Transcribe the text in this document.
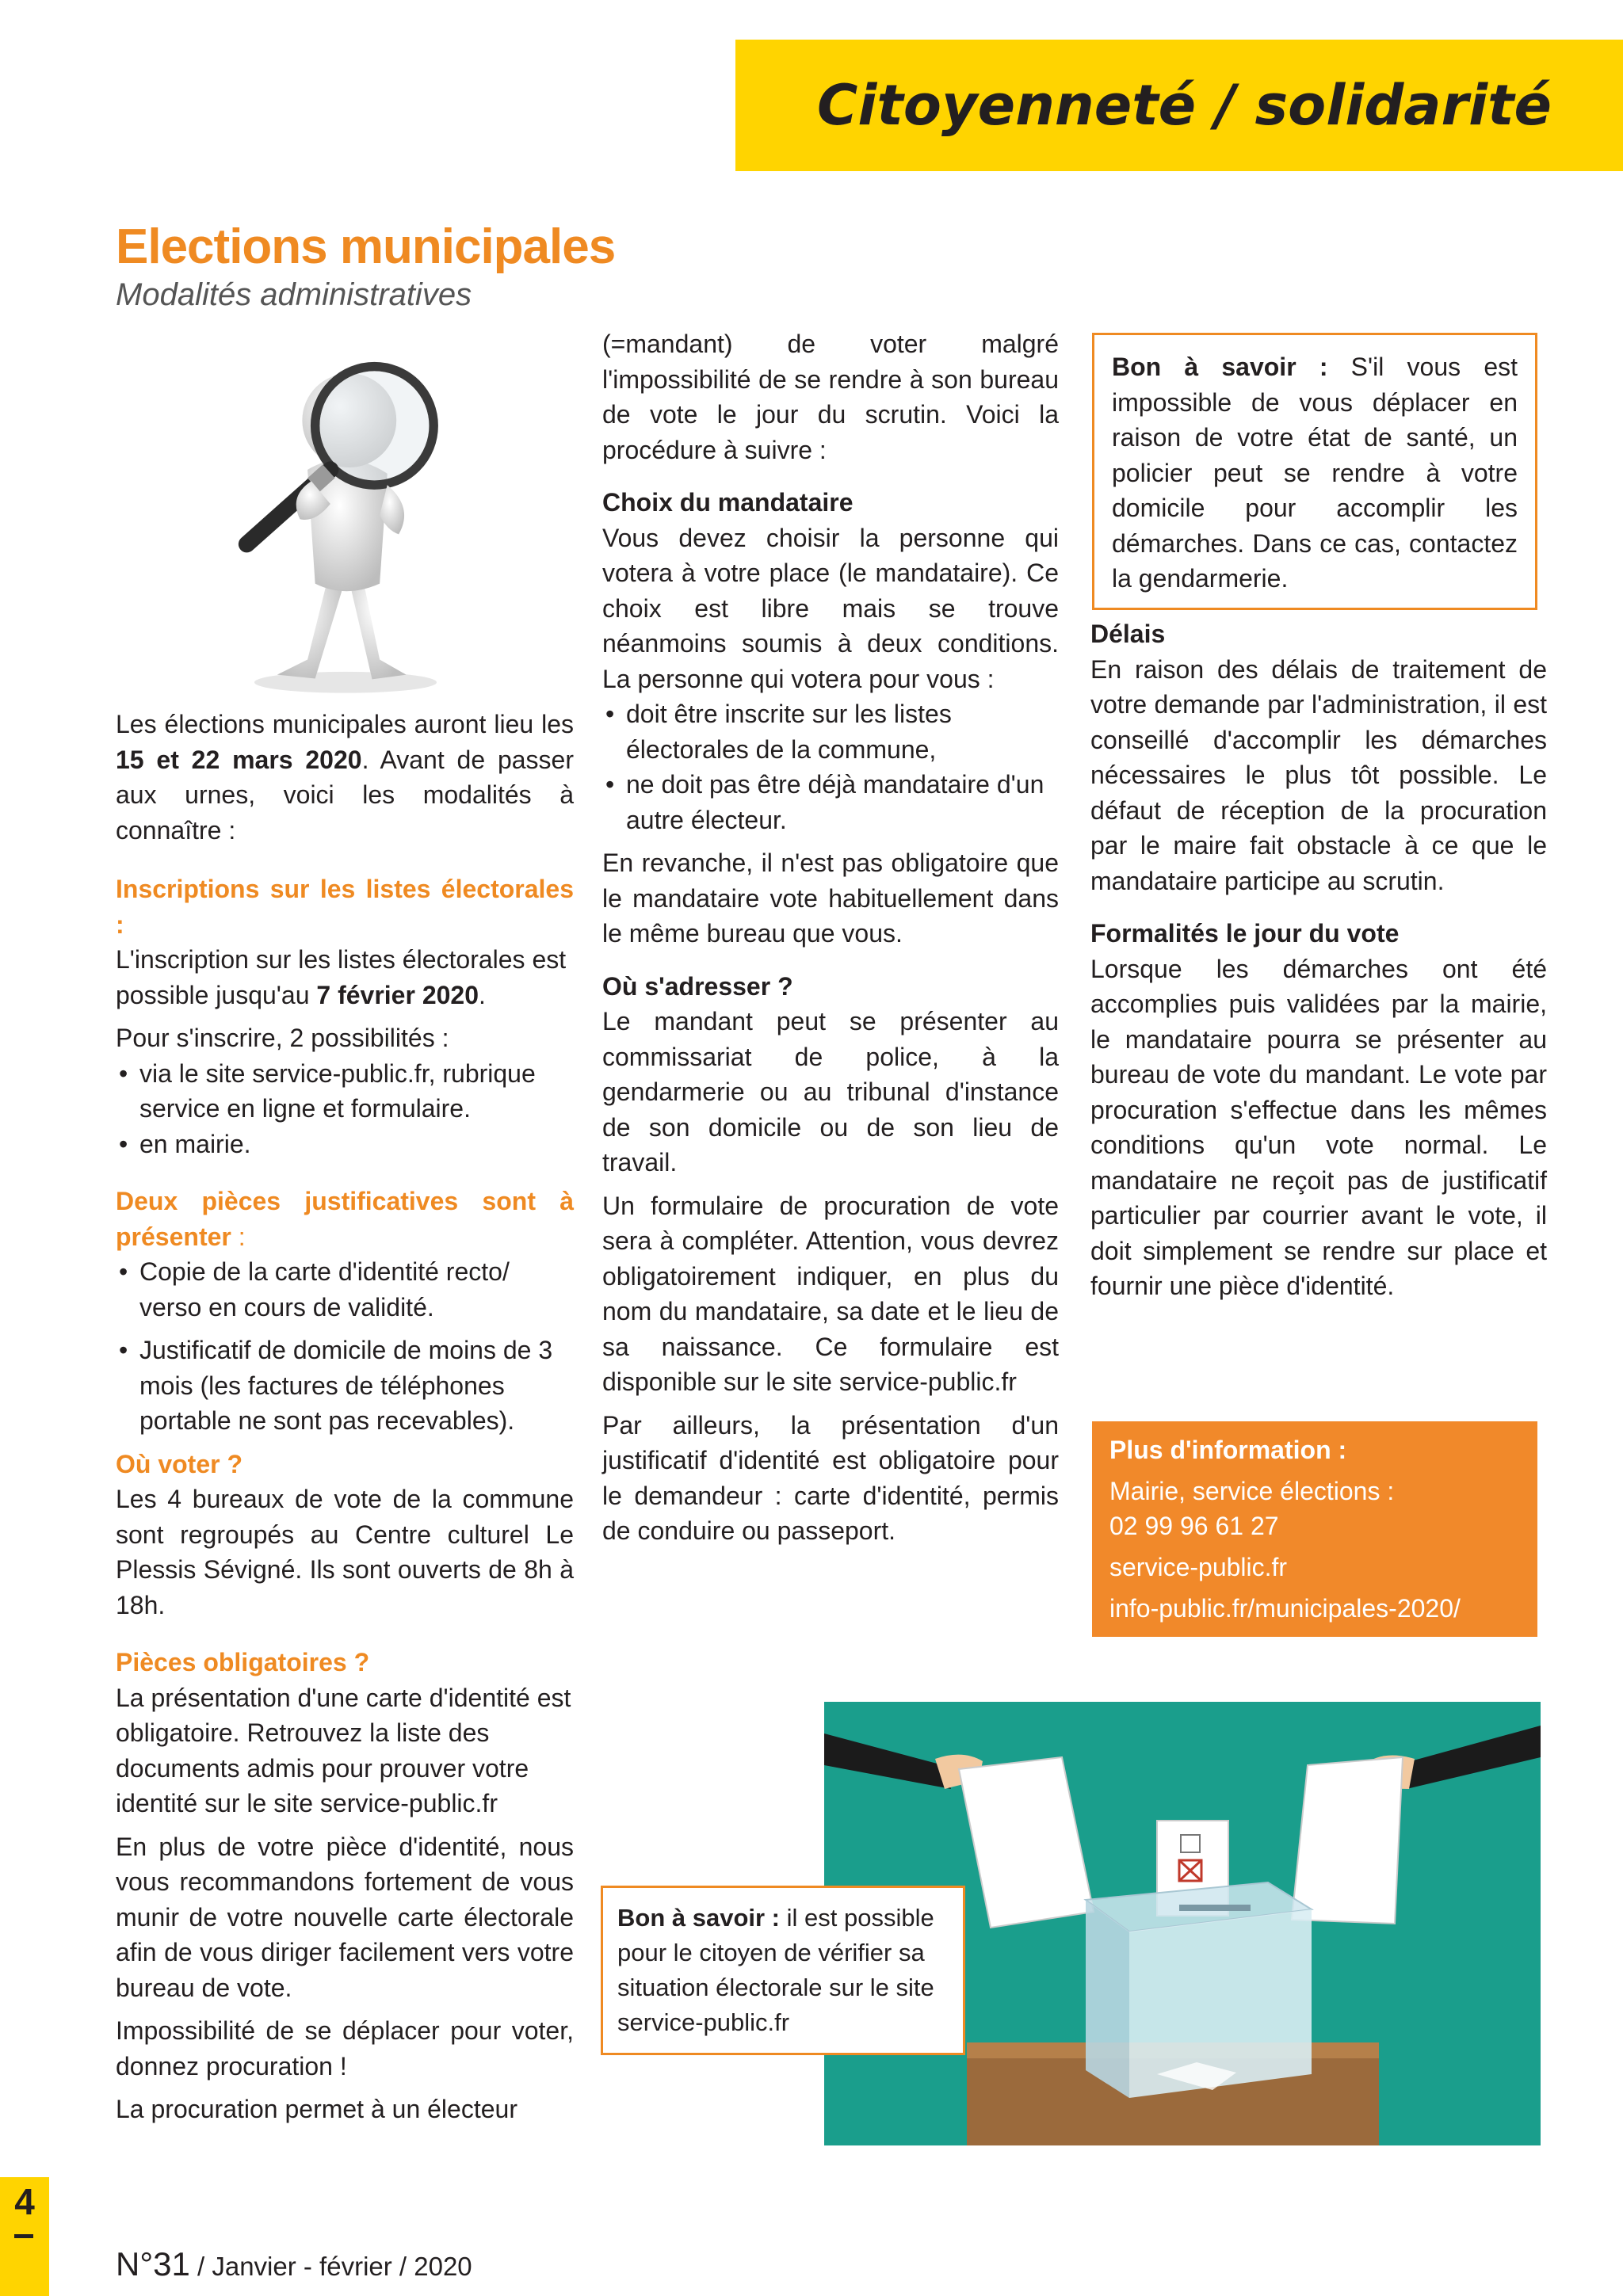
Citoyenneté / solidarité
Elections municipales
Modalités administratives

Les élections municipales auront lieu les 15 et 22 mars 2020. Avant de passer aux urnes, voici les modalités à connaître :

Inscriptions sur les listes électorales :

L'inscription sur les listes électorales est possible jusqu'au 7 février 2020.

Pour s'inscrire, 2 possibilités :

• via le site service-public.fr, rubrique service en ligne et formulaire.
• en mairie.
Deux pièces justificatives sont à présenter :
• Copie de la carte d'identité recto/ verso en cours de validité.
• Justificatif de domicile de moins de 3 mois (les factures de téléphones portable ne sont pas recevables).
Où voter ?

Les 4 bureaux de vote de la commune sont regroupés au Centre culturel Le Plessis Sévigné. Ils sont ouverts de 8h à 18h.

Pièces obligatoires ?

La présentation d'une carte d'identité est obligatoire. Retrouvez la liste des documents admis pour prouver votre identité sur le site service-public.fr

En plus de votre pièce d'identité, nous vous recommandons fortement de vous munir de votre nouvelle carte électorale afin de vous diriger facilement vers votre bureau de vote.

Impossibilité de se déplacer pour voter, donnez procuration !

La procuration permet à un électeur

(=mandant) de voter malgré l'impossibilité de se rendre à son bureau de vote le jour du scrutin. Voici la procédure à suivre :

Choix du mandataire

Vous devez choisir la personne qui votera à votre place (le mandataire). Ce choix est libre mais se trouve néanmoins soumis à deux conditions. La personne qui votera pour vous :

• doit être inscrite sur les listes électorales de la commune,
• ne doit pas être déjà mandataire d'un autre électeur.

En revanche, il n'est pas obligatoire que le mandataire vote habituellement dans le même bureau que vous.

Où s'adresser ?

Le mandant peut se présenter au commissariat de police, à la gendarmerie ou au tribunal d'instance de son domicile ou de son lieu de travail.

Un formulaire de procuration de vote sera à compléter. Attention, vous devrez obligatoirement indiquer, en plus du nom du mandataire, sa date et le lieu de sa naissance. Ce formulaire est disponible sur le site service-public.fr

Par ailleurs, la présentation d'un justificatif d'identité est obligatoire pour le demandeur : carte d'identité, permis de conduire ou passeport.

Bon à savoir : S'il vous est impossible de vous déplacer en raison de votre état de santé, un policier peut se rendre à votre domicile pour accomplir les démarches. Dans ce cas, contactez la gendarmerie.
Délais

En raison des délais de traitement de votre demande par l'administration, il est conseillé d'accomplir les démarches nécessaires le plus tôt possible. Le défaut de réception de la procuration par le maire fait obstacle à ce que le mandataire participe au scrutin.

Formalités le jour du vote

Lorsque les démarches ont été accomplies puis validées par la mairie, le mandataire pourra se présenter au bureau de vote du mandant. Le vote par procuration s'effectue dans les mêmes conditions qu'un vote normal. Le mandataire ne reçoit pas de justificatif particulier par courrier avant le vote, il doit simplement se rendre sur place et fournir une pièce d'identité.

Plus d'information :

Mairie, service élections :

02 99 96 61 27

service-public.fr

info-public.fr/municipales-2020/

Bon à savoir : il est possible pour le citoyen de vérifier sa situation électorale sur le site service-public.fr
4
N°31 / Janvier - février / 2020
